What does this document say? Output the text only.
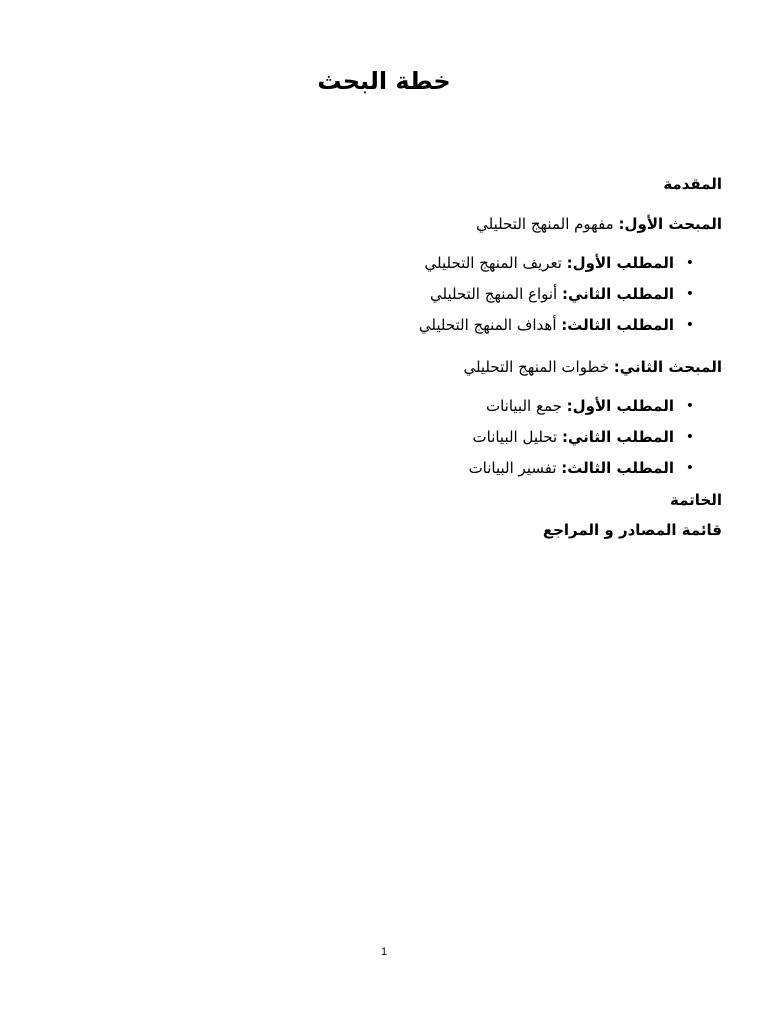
خطة البحث

المقدمة

المبحث الأول: مفهوم المنهج التحليلي

•
المطلب الأول: تعريف المنهج التحليلي
•
المطلب الثاني: أنواع المنهج التحليلي
•
المطلب الثالث: أهداف المنهج التحليلي

المبحث الثاني: خطوات المنهج التحليلي

•
المطلب الأول: جمع البيانات
•
المطلب الثاني: تحليل البيانات
•
المطلب الثالث: تفسير البيانات

الخاتمة

قائمة المصادر و المراجع

1
